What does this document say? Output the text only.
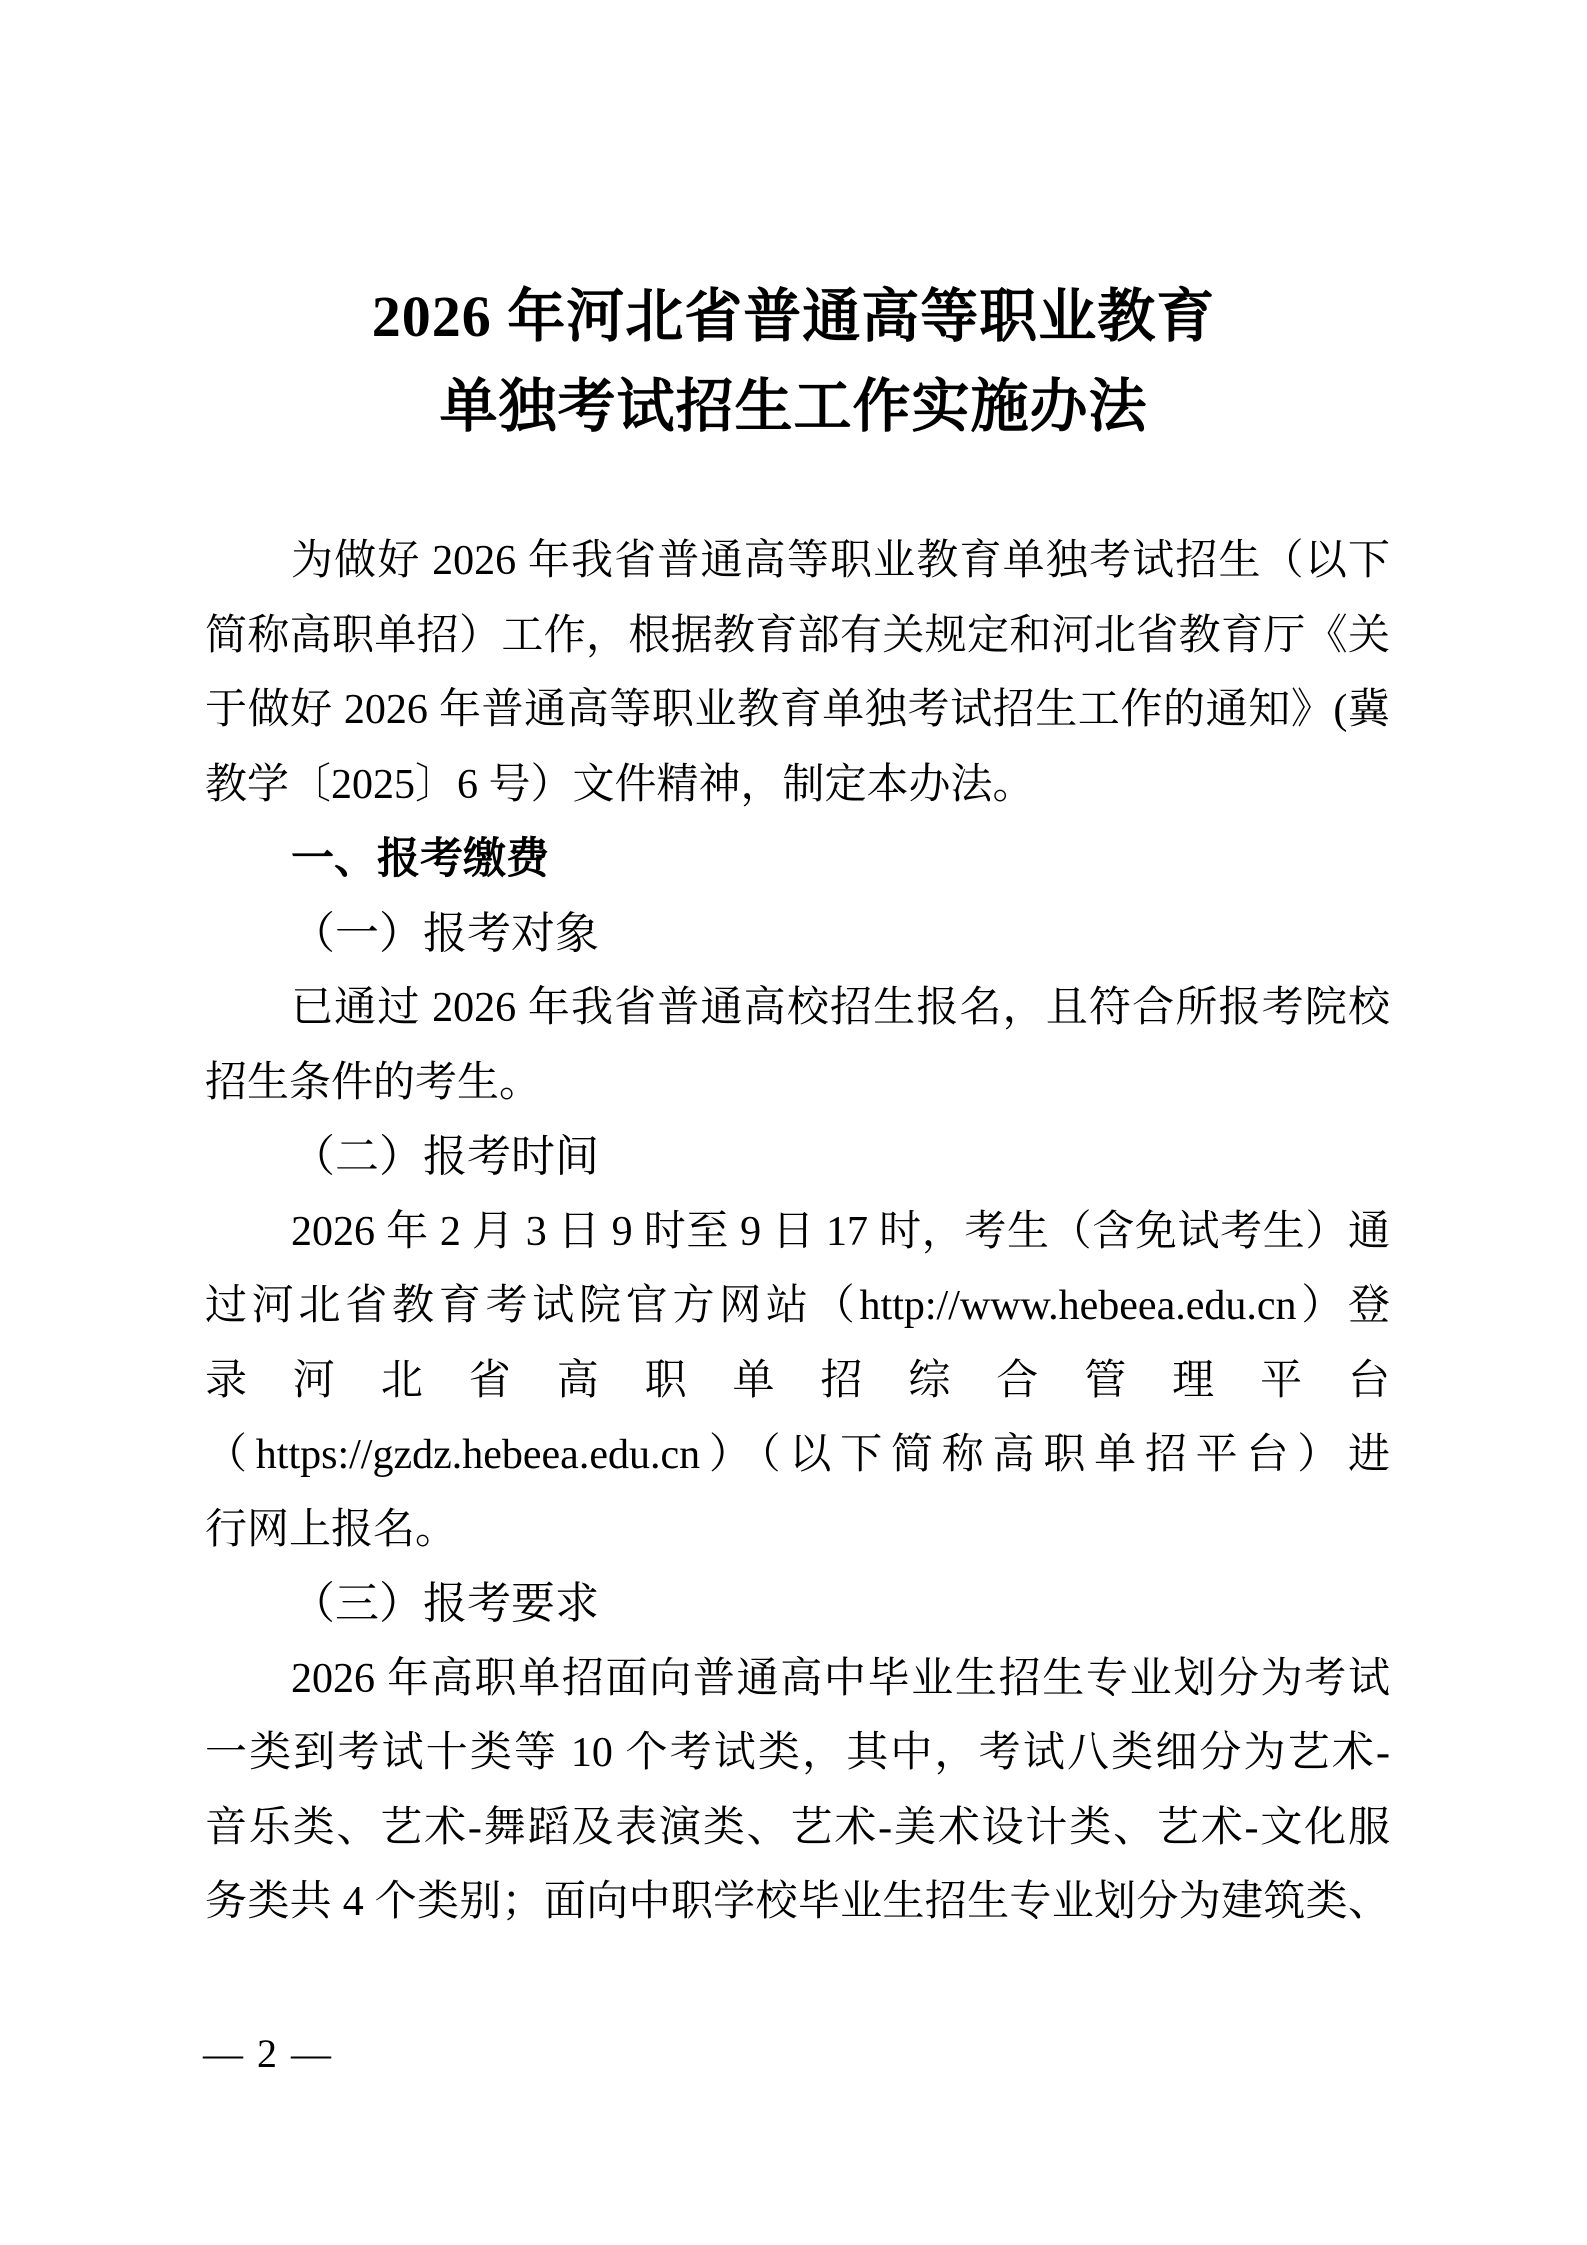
2026 年河北省普通高等职业教育
单独考试招生工作实施办法
为做好 2026 年我省普通高等职业教育单独考试招生（以下
简称高职单招）工作，根据教育部有关规定和河北省教育厅《关
于做好 2026 年普通高等职业教育单独考试招生工作的通知》(冀
教学〔2025〕6 号）文件精神，制定本办法。
一、报考缴费
（一）报考对象
已通过 2026 年我省普通高校招生报名，且符合所报考院校
招生条件的考生。
（二）报考时间
2026 年 2 月 3 日 9 时至 9 日 17 时，考生（含免试考生）通
过河北省教育考试院官方网站（http://www.hebeea.edu.cn）登
录 河 北 省 高 职 单 招 综 合 管 理 平 台
（https://gzdz.hebeea.edu.cn）（以下简称高职单招平台）进
行网上报名。
（三）报考要求
2026 年高职单招面向普通高中毕业生招生专业划分为考试
一类到考试十类等 10 个考试类，其中，考试八类细分为艺术-
音乐类、艺术-舞蹈及表演类、艺术-美术设计类、艺术-文化服
务类共 4 个类别；面向中职学校毕业生招生专业划分为建筑类、
— 2 —
